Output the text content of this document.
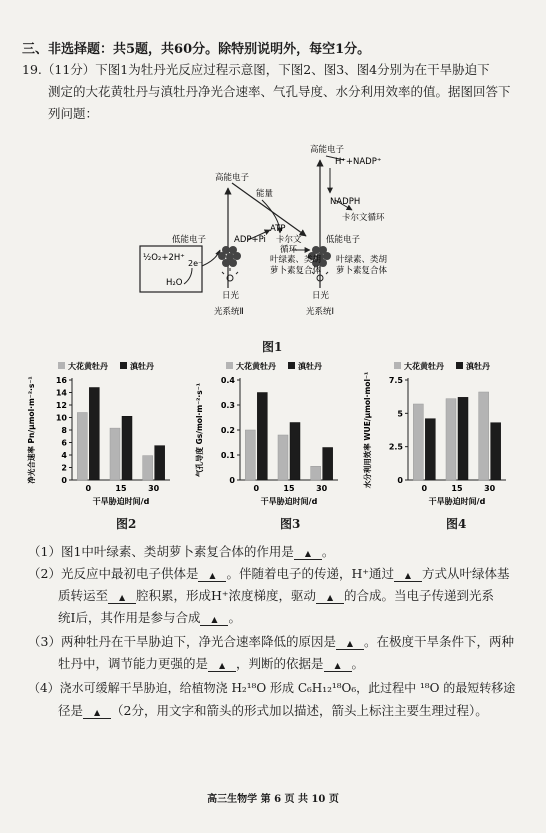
三、非选择题：共5题，共60分。除特别说明外，每空1分。
19.（11分）下图1为牡丹光反应过程示意图，下图2、图3、图4分别为在干旱胁迫下
测定的大花黄牡丹与滇牡丹净光合速率、气孔导度、水分利用效率的值。据图回答下
列问题：
高能电子
H⁺+NADP⁺
NADPH
卡尔文循环
高能电子
能量
ATP
ADP+Pi 卡尔文
循环
低能电子	低能电子
½O₂+2H⁺
2e⁻
H₂O
叶绿素、类胡
萝卜素复合体
叶绿素、类胡
萝卜素复合体
日光	日光
光系统Ⅱ	光系统Ⅰ
图1
大花黄牡丹	滇牡丹
0
2
4
6
8
10
12
14
16
净光合速率 Pn/μmol·m⁻²·s⁻¹
0	15	30
干旱胁迫时间/d
大花黄牡丹	滇牡丹
0
0.1
0.2
0.3
0.4
气孔导度 Gs/mol·m⁻²·s⁻¹
0	15	30
干旱胁迫时间/d
大花黄牡丹	滇牡丹
0
2.5
5
7.5
水分利用效率 WUE/μmol·mol⁻¹
0	15	30
干旱胁迫时间/d
图2	图3	图4
（1）图1中叶绿素、类胡萝卜素复合体的作用是 ▲ 。
（2）光反应中最初电子供体是 ▲ 。伴随着电子的传递，H⁺通过 ▲ 方式从叶绿体基
质转运至 ▲ 腔积累，形成H⁺浓度梯度，驱动 ▲ 的合成。当电子传递到光系
统Ⅰ后，其作用是参与合成 ▲ 。
（3）两种牡丹在干旱胁迫下，净光合速率降低的原因是 ▲ 。在极度干旱条件下，两种
牡丹中，调节能力更强的是 ▲ ，判断的依据是 ▲ 。
（4）浇水可缓解干旱胁迫，给植物浇 H₂¹⁸O 形成 C₆H₁₂¹⁸O₆，此过程中 ¹⁸O 的最短转移途
径是 ▲ （2分，用文字和箭头的形式加以描述，箭头上标注主要生理过程）。
高三生物学 第 6 页 共 10 页
